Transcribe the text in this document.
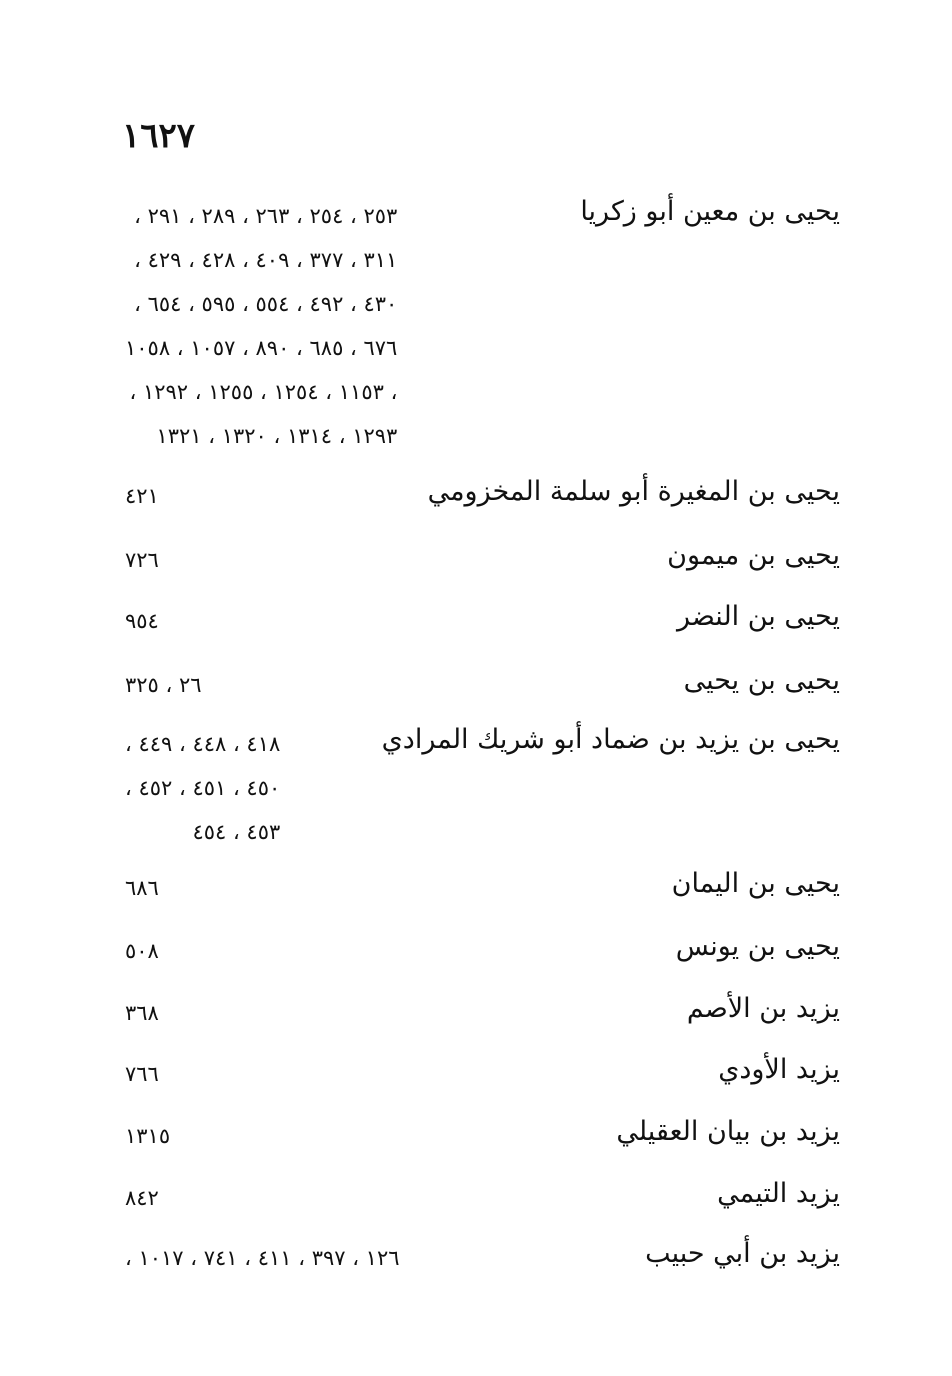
١٦٢٧
يحيى بن معين أبو زكريا
٢٥٣ ، ٢٥٤ ، ٢٦٣ ، ٢٨٩ ، ٢٩١ ،
٣١١ ، ٣٧٧ ، ٤٠٩ ، ٤٢٨ ، ٤٢٩ ،
٤٣٠ ، ٤٩٢ ، ٥٥٤ ، ٥٩٥ ، ٦٥٤ ،
٦٧٦ ، ٦٨٥ ، ٨٩٠ ، ١٠٥٧ ، ١٠٥٨
، ١١٥٣ ، ١٢٥٤ ، ١٢٥٥ ، ١٢٩٢ ،
١٢٩٣ ، ١٣١٤ ، ١٣٢٠ ، ١٣٢١
يحيى بن المغيرة أبو سلمة المخزومي
٤٢١
يحيى بن ميمون
٧٢٦
يحيى بن النضر
٩٥٤
يحيى بن يحيى
٢٦ ، ٣٢٥
يحيى بن يزيد بن ضماد أبو شريك المرادي
٤١٨ ، ٤٤٨ ، ٤٤٩ ،
٤٥٠ ، ٤٥١ ، ٤٥٢ ،
٤٥٣ ، ٤٥٤
يحيى بن اليمان
٦٨٦
يحيى بن يونس
٥٠٨
يزيد بن الأصم
٣٦٨
يزيد الأودي
٧٦٦
يزيد بن بيان العقيلي
١٣١٥
يزيد التيمي
٨٤٢
يزيد بن أبي حبيب
١٢٦ ، ٣٩٧ ، ٤١١ ، ٧٤١ ، ١٠١٧ ،
